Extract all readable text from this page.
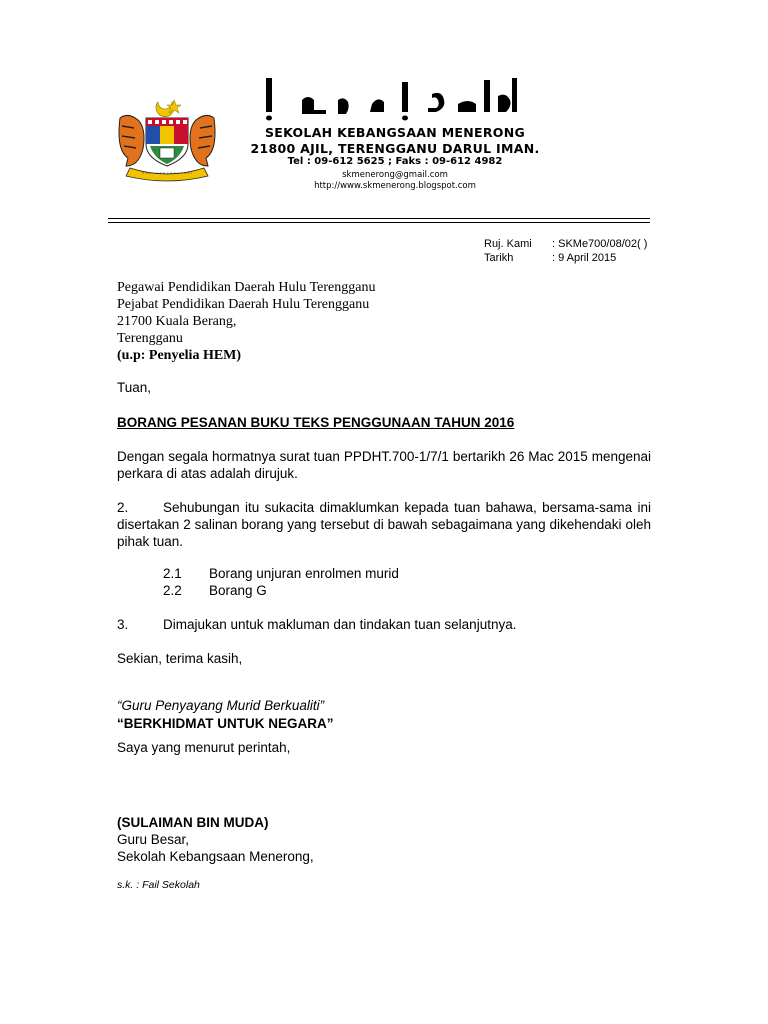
SEKOLAH KEBANGSAAN MENERONG
21800 AJIL, TERENGGANU DARUL IMAN.
Tel : 09-612 5625 ; Faks : 09-612 4982
skmenerong@gmail.com
http://www.skmenerong.blogspot.com
Ruj. Kami : SKMe700/08/02( )
Tarikh	: 9 April 2015
Pegawai Pendidikan Daerah Hulu Terengganu
Pejabat Pendidikan Daerah Hulu Terengganu
21700 Kuala Berang,
Terengganu
(u.p: Penyelia HEM)
Tuan,
BORANG PESANAN BUKU TEKS PENGGUNAAN TAHUN 2016
Dengan segala hormatnya surat tuan PPDHT.700-1/7/1 bertarikh 26 Mac 2015 mengenai perkara di atas adalah dirujuk.
2.	Sehubungan itu sukacita dimaklumkan kepada tuan bahawa, bersama-sama ini disertakan 2 salinan borang yang tersebut di bawah sebagaimana yang dikehendaki oleh pihak tuan.
2.1 Borang unjuran enrolmen murid
2.2 Borang G
3.	Dimajukan untuk makluman dan tindakan tuan selanjutnya.
Sekian, terima kasih,
“Guru Penyayang Murid Berkualiti”
“BERKHIDMAT UNTUK NEGARA”
Saya yang menurut perintah,
(SULAIMAN BIN MUDA)
Guru Besar,
Sekolah Kebangsaan Menerong,
s.k. : Fail Sekolah
